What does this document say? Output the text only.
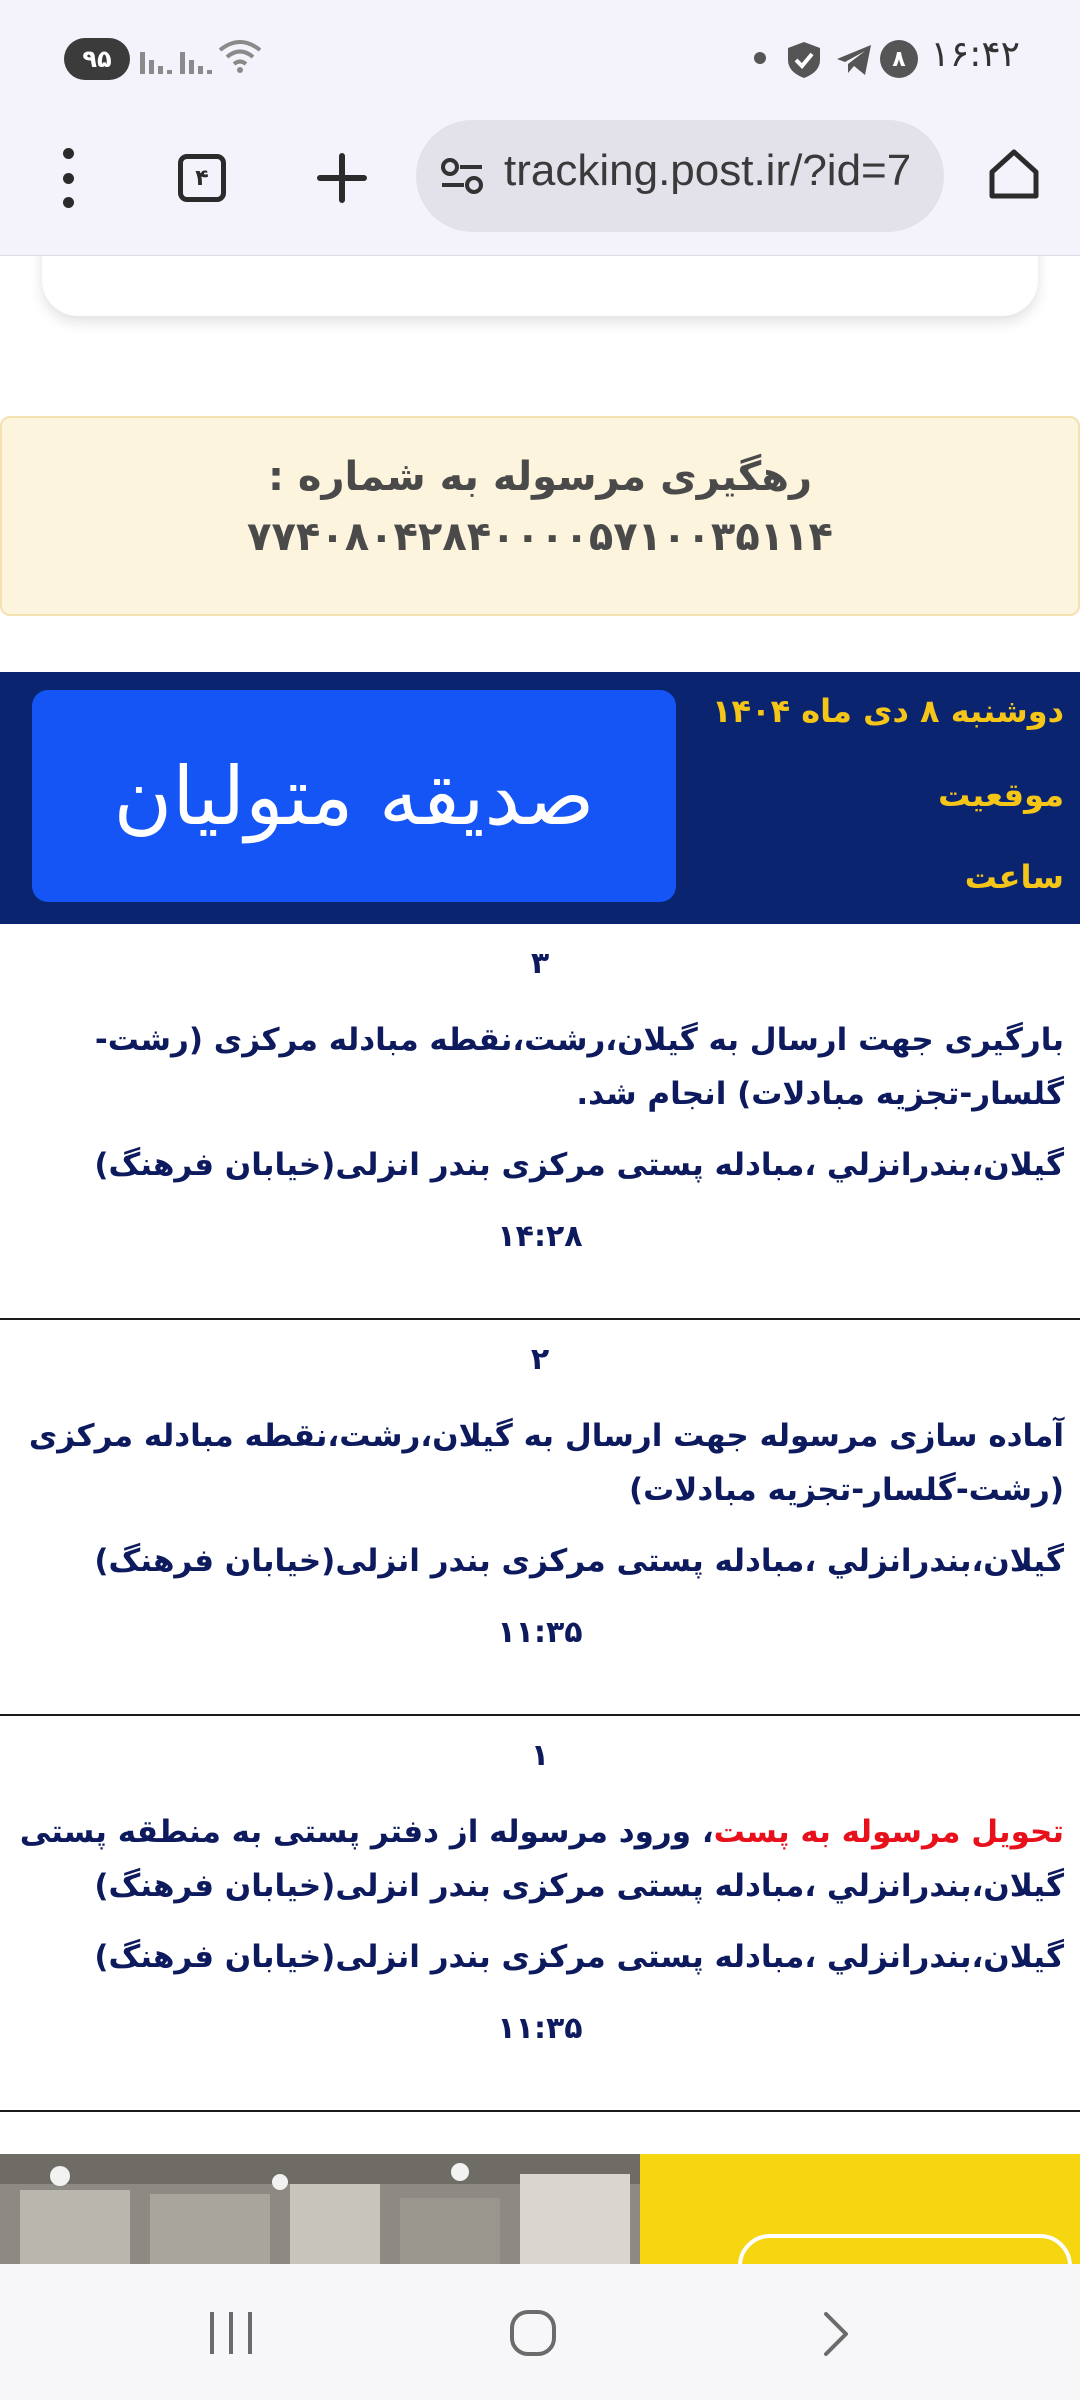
۹۵	۸ ۱۶:۴۲
۴	tracking.post.ir/?id=7
رهگیری مرسوله به شماره :
۷۷۴۰۸۰۴۲۸۴۰۰۰۰۵۷۱۰۰۳۵۱۱۴
دوشنبه ۸ دی ماه ۱۴۰۴
موقعیت
ساعت
صديقه متوليان
۳
بارگیری جهت ارسال به گیلان،رشت،نقطه مبادله مرکزی (رشت-گلسار-تجزیه مبادلات) انجام شد.
گيلان،بندرانزلي ،مبادله پستی مرکزی بندر انزلی(خیابان فرهنگ)
۱۴:۲۸
۲
آماده سازی مرسوله جهت ارسال به گیلان،رشت،نقطه مبادله مرکزی (رشت-گلسار-تجزیه مبادلات)
گيلان،بندرانزلي ،مبادله پستی مرکزی بندر انزلی(خیابان فرهنگ)
۱۱:۳۵
۱
تحویل مرسوله به پست، ورود مرسوله از دفتر پستی به منطقه پستی گيلان،بندرانزلي ،مبادله پستی مرکزی بندر انزلی(خیابان فرهنگ)
گيلان،بندرانزلي ،مبادله پستی مرکزی بندر انزلی(خیابان فرهنگ)
۱۱:۳۵
